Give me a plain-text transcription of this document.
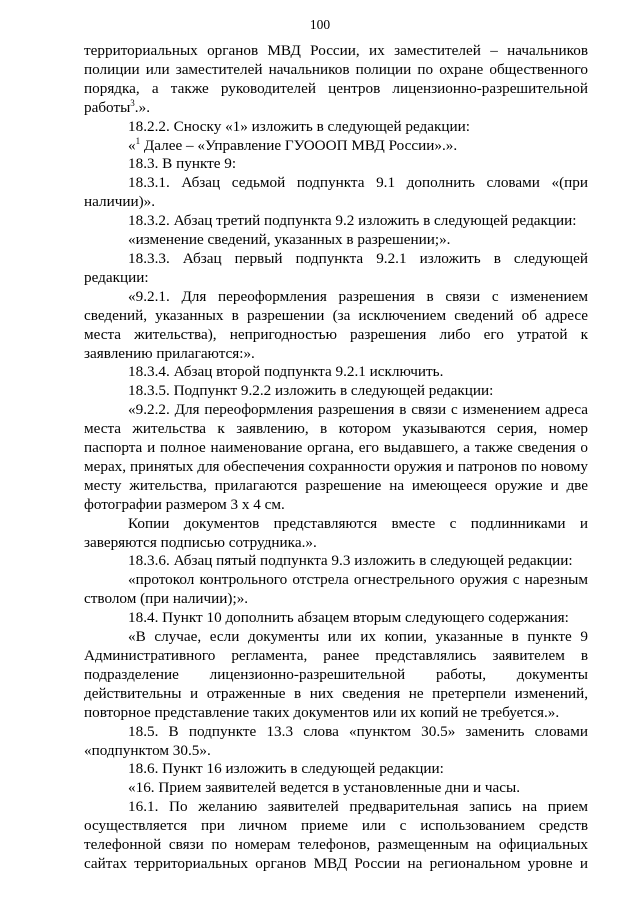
100

территориальных органов МВД России, их заместителей – начальников полиции или заместителей начальников полиции по охране общественного порядка, а также руководителей центров лицензионно-разрешительной работы$^3$.».

18.2.2. Сноску «1» изложить в следующей редакции:

«$^1$ Далее – «Управление ГУОООП МВД России».».

18.3. В пункте 9:

18.3.1. Абзац седьмой подпункта 9.1 дополнить словами «(при наличии)».

18.3.2. Абзац третий подпункта 9.2 изложить в следующей редакции:

«изменение сведений, указанных в разрешении;».

18.3.3. Абзац первый подпункта 9.2.1 изложить в следующей редакции:

«9.2.1. Для переоформления разрешения в связи с изменением сведений, указанных в разрешении (за исключением сведений об адресе места жительства), непригодностью разрешения либо его утратой к заявлению прилагаются:».

18.3.4. Абзац второй подпункта 9.2.1 исключить.

18.3.5. Подпункт 9.2.2 изложить в следующей редакции:

«9.2.2. Для переоформления разрешения в связи с изменением адреса места жительства к заявлению, в котором указываются серия, номер паспорта и полное наименование органа, его выдавшего, а также сведения о мерах, принятых для обеспечения сохранности оружия и патронов по новому месту жительства, прилагаются разрешение на имеющееся оружие и две фотографии размером 3 х 4 см.

Копии документов представляются вместе с подлинниками и заверяются подписью сотрудника.».

18.3.6. Абзац пятый подпункта 9.3 изложить в следующей редакции:

«протокол контрольного отстрела огнестрельного оружия с нарезным стволом (при наличии);».

18.4. Пункт 10 дополнить абзацем вторым следующего содержания:

«В случае, если документы или их копии, указанные в пункте 9 Административного регламента, ранее представлялись заявителем в подразделение лицензионно-разрешительной работы, документы действительны и отраженные в них сведения не претерпели изменений, повторное представление таких документов или их копий не требуется.».

18.5. В подпункте 13.3 слова «пунктом 30.5» заменить словами «подпунктом 30.5».

18.6. Пункт 16 изложить в следующей редакции:

«16. Прием заявителей ведется в установленные дни и часы.

16.1. По желанию заявителей предварительная запись на прием осуществляется при личном приеме или с использованием средств телефонной связи по номерам телефонов, размещенным на официальных сайтах территориальных органов МВД России на региональном уровне и
